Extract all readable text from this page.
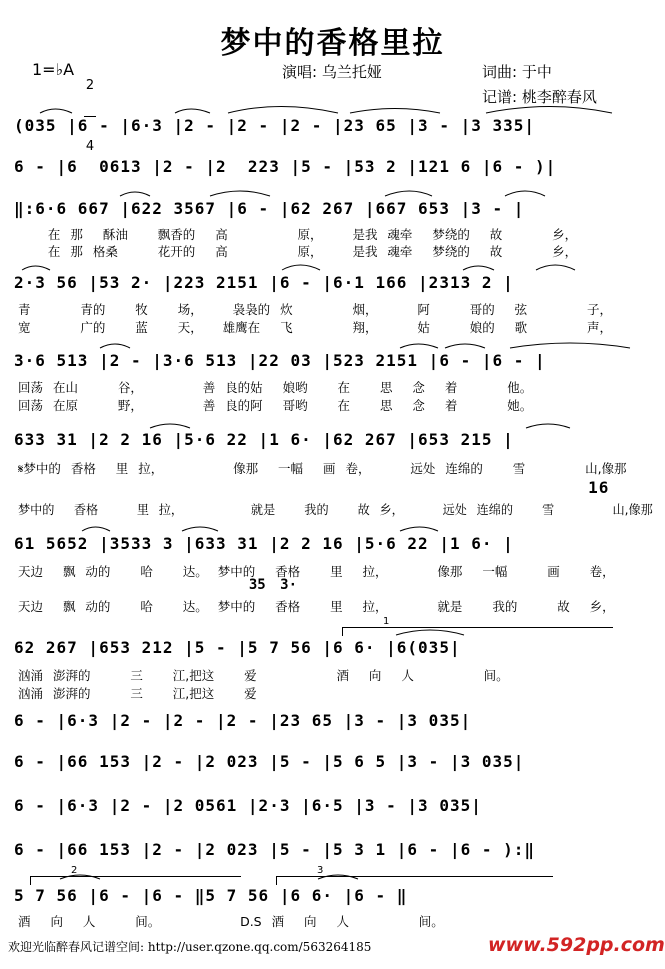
梦中的香格里拉
1=♭A

2

4

演唱: 乌兰托娅	词曲: 于中
记谱: 桃李醉春风
(035 |6 - |6·3 |2 - |2 - |2 - |23 65 |3 - |3 335|
6 - |6  0613 |2 - |2  223 |5 - |53 2 |121 6 |6 - )|
‖:6·6 667 |622 3567 |6 - |62 267 |667 653 |3 - |
在 那  酥油   飘香的  高       原，   是我 魂牵  梦绕的  故     乡，
在 那 格桑    花开的  高       原，   是我 魂牵  梦绕的  故     乡，
2·3 56 |53 2· |223 2151 |6 - |6·1 166 |2313 2 |
青     青的   牧   场，   袅袅的 炊      烟，    阿    哥的  弦      子，
宽     广的   蓝   天，  雄鹰在  飞      翔，    姑    娘的  歌      声，
3·6 513 |2 - |3·6 513 |22 03 |523 2151 |6 - |6 - |
回荡 在山    谷，      善 良的姑  娘哟   在   思  念  着     他。
回荡 在原    野，      善 良的阿  哥哟   在   思  念  着     她。
633 31 |2 2 16 |5·6 22 |1 6· |62 267 |653 215 |
𝄋梦中的 香格  里 拉，       像那  一幅  画 卷，    远处 连绵的   雪      山,像那
16
梦中的  香格    里 拉，       就是   我的   故 乡，    远处 连绵的   雪      山,像那
61 5652 |3533 3 |633 31 |2 2 16 |5·6 22 |1 6· |
天边  飘 动的   哈   达。 梦中的  香格   里  拉，     像那  一幅    画   卷，
35 3·
天边  飘 动的   哈   达。 梦中的  香格   里  拉，     就是   我的    故  乡，
62 267 |653 212 |5 - |5 7 56 |6 6· |6(035|
汹涌 澎湃的    三   江,把这   爱        酒  向  人       间。
汹涌 澎湃的    三   江,把这   爱
6 - |6·3 |2 - |2 - |2 - |23 65 |3 - |3 035|
6 - |66 153 |2 - |2 023 |5 - |5 6 5 |3 - |3 035|
6 - |6·3 |2 - |2 0561 |2·3 |6·5 |3 - |3 035|
6 - |66 153 |2 - |2 023 |5 - |5 3 1 |6 - |6 - ):‖
5 7 56 |6 - |6 - ‖5 7 56 |6 6· |6 - ‖
酒  向  人    间。        D.S 酒  向  人       间。
1
2	3
欢迎光临醉春风记谱空间: http://user.qzone.qq.com/563264185	www.592pp.com
